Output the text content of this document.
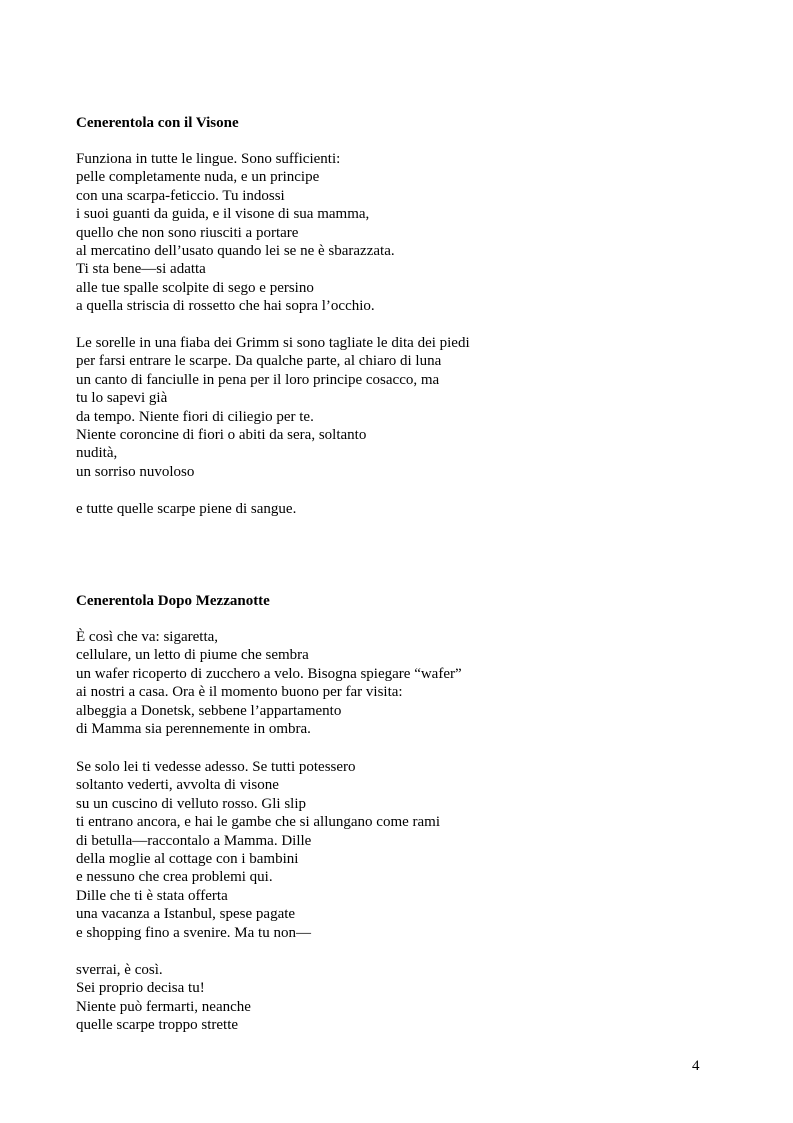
Cenerentola con il Visone
Funziona in tutte le lingue. Sono sufficienti:
pelle completamente nuda, e un principe
con una scarpa-feticcio. Tu indossi
i suoi guanti da guida, e il visone di sua mamma,
quello che non sono riusciti a portare
al mercatino dell’usato quando lei se ne è sbarazzata.
Ti sta bene—si adatta
alle tue spalle scolpite di sego e persino
a quella striscia di rossetto che hai sopra l’occhio.
Le sorelle in una fiaba dei Grimm si sono tagliate le dita dei piedi
per farsi entrare le scarpe. Da qualche parte, al chiaro di luna
un canto di fanciulle in pena per il loro principe cosacco, ma
tu lo sapevi già
da tempo. Niente fiori di ciliegio per te.
Niente coroncine di fiori o abiti da sera, soltanto
nudità,
un sorriso nuvoloso
e tutte quelle scarpe piene di sangue.
Cenerentola Dopo Mezzanotte
È così che va: sigaretta,
cellulare, un letto di piume che sembra
un wafer ricoperto di zucchero a velo. Bisogna spiegare “wafer”
ai nostri a casa. Ora è il momento buono per far visita:
albeggia a Donetsk, sebbene l’appartamento
di Mamma sia perennemente in ombra.
Se solo lei ti vedesse adesso. Se tutti potessero
soltanto vederti, avvolta di visone
su un cuscino di velluto rosso. Gli slip
ti entrano ancora, e hai le gambe che si allungano come rami
di betulla—raccontalo a Mamma. Dille
della moglie al cottage con i bambini
e nessuno che crea problemi qui.
Dille che ti è stata offerta
una vacanza a Istanbul, spese pagate
e shopping fino a svenire. Ma tu non—
sverrai, è così.
Sei proprio decisa tu!
Niente può fermarti, neanche
quelle scarpe troppo strette
4
